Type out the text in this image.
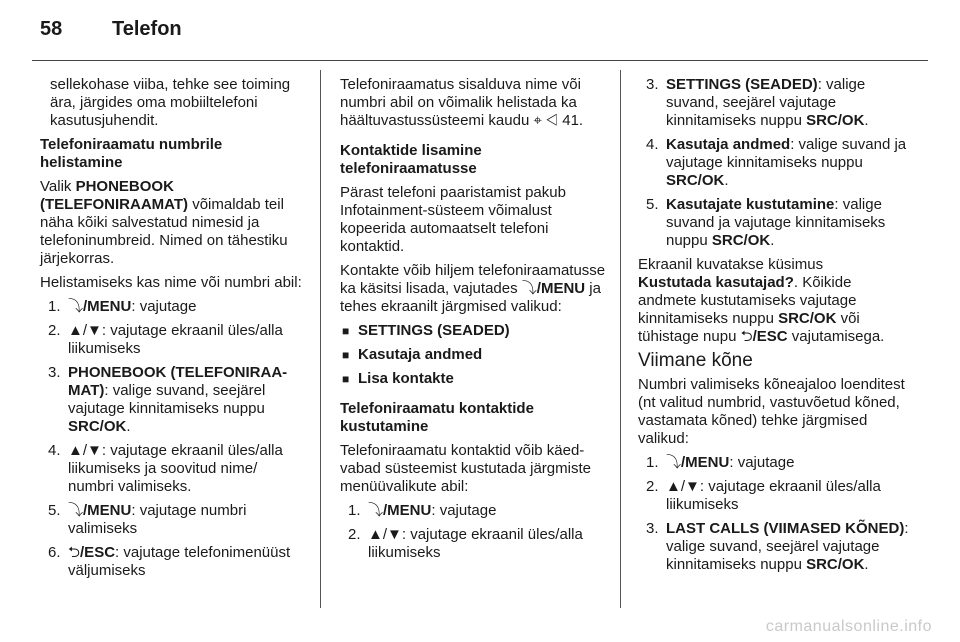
58 Telefon

sellekohase viiba, tehke see toiming ära, järgides oma mobiiltelefoni kasutusjuhendit.

Telefoniraamatu numbrile helistamine

Valik PHONEBOOK (TELEFONIRAAMAT) võimaldab teil näha kõiki salvestatud nimesid ja telefoninumbreid. Nimed on tähestiku järjekorras.

Helistamiseks kas nime või numbri abil:

1. ⤵/MENU: vajutage
2. ▲/▼: vajutage ekraanil üles/alla liikumiseks
3. PHONEBOOK (TELEFONIRAA-MAT): valige suvand, seejärel vajutage kinnitamiseks nuppu SRC/OK.
4. ▲/▼: vajutage ekraanil üles/alla liikumiseks ja soovitud nime/ numbri valimiseks.
5. ⤵/MENU: vajutage numbri valimiseks
6. ⮌/ESC: vajutage telefonimenüüst väljumiseks

Telefoniraamatus sisalduva nime või numbri abil on võimalik helistada ka häältuvastussüsteemi kaudu ⌖ ◁ 41.

Kontaktide lisamine telefoniraamatusse

Pärast telefoni paaristamist pakub Infotainment-süsteem võimalust kopeerida automaatselt telefoni kontaktid.

Kontakte võib hiljem telefoniraamatusse ka käsitsi lisada, vajutades ⤵/MENU ja tehes ekraanilt järgmised valikud:

■ SETTINGS (SEADED)
■ Kasutaja andmed
■ Lisa kontakte

Telefoniraamatu kontaktide kustutamine

Telefoniraamatu kontaktid võib käed-vabad süsteemist kustutada järgmiste menüüvalikute abil:

1. ⤵/MENU: vajutage
2. ▲/▼: vajutage ekraanil üles/alla liikumiseks
3. SETTINGS (SEADED): valige suvand, seejärel vajutage kinnitamiseks nuppu SRC/OK.
4. Kasutaja andmed: valige suvand ja vajutage kinnitamiseks nuppu SRC/OK.
5. Kasutajate kustutamine: valige suvand ja vajutage kinnitamiseks nuppu SRC/OK.

Ekraanil kuvatakse küsimus

Kustutada kasutajad?. Kõikide andmete kustutamiseks vajutage kinnitamiseks nuppu SRC/OK või tühistage nupu ⮌/ESC vajutamisega.

Viimane kõne

Numbri valimiseks kõneajaloo loenditest (nt valitud numbrid, vastuvõetud kõned, vastamata kõned) tehke järgmised valikud:

1. ⤵/MENU: vajutage
2. ▲/▼: vajutage ekraanil üles/alla liikumiseks
3. LAST CALLS (VIIMASED KÕNED): valige suvand, seejärel vajutage kinnitamiseks nuppu SRC/OK.
carmanualsonline.info
